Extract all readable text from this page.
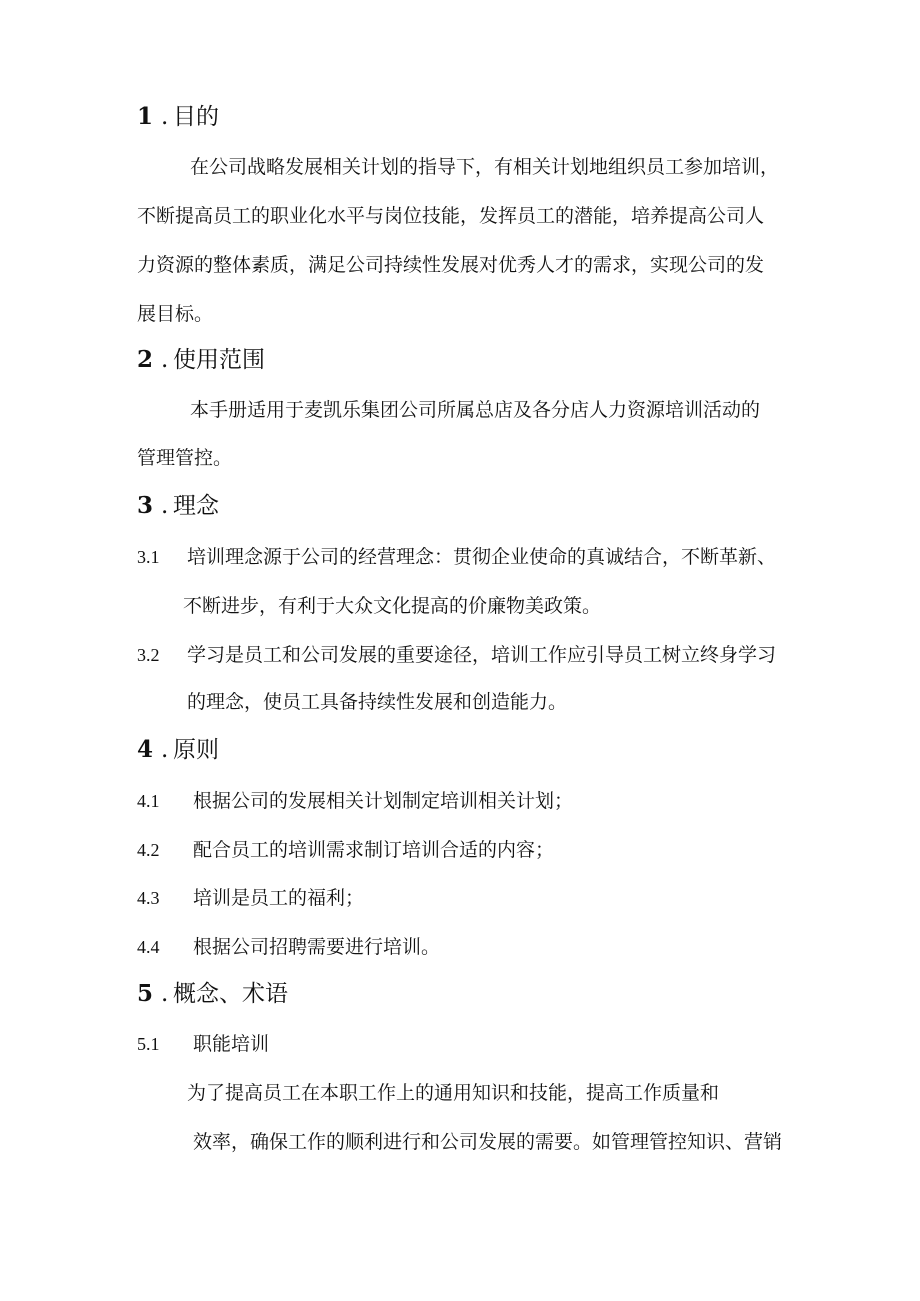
1 . 目的
在公司战略发展相关计划的指导下，有相关计划地组织员工参加培训，
不断提高员工的职业化水平与岗位技能，发挥员工的潜能，培养提高公司人
力资源的整体素质，满足公司持续性发展对优秀人才的需求，实现公司的发
展目标。
2 . 使用范围
本手册适用于麦凯乐集团公司所属总店及各分店人力资源培训活动的
管理管控。
3 . 理念
3.1 培训理念源于公司的经营理念：贯彻企业使命的真诚结合，不断革新、
不断进步，有利于大众文化提高的价廉物美政策。
3.2 学习是员工和公司发展的重要途径，培训工作应引导员工树立终身学习
的理念，使员工具备持续性发展和创造能力。
4 . 原则
4.1 根据公司的发展相关计划制定培训相关计划；
4.2 配合员工的培训需求制订培训合适的内容；
4.3 培训是员工的福利；
4.4 根据公司招聘需要进行培训。
5 . 概念、术语
5.1 职能培训
为了提高员工在本职工作上的通用知识和技能，提高工作质量和
效率，确保工作的顺利进行和公司发展的需要。如管理管控知识、营销
